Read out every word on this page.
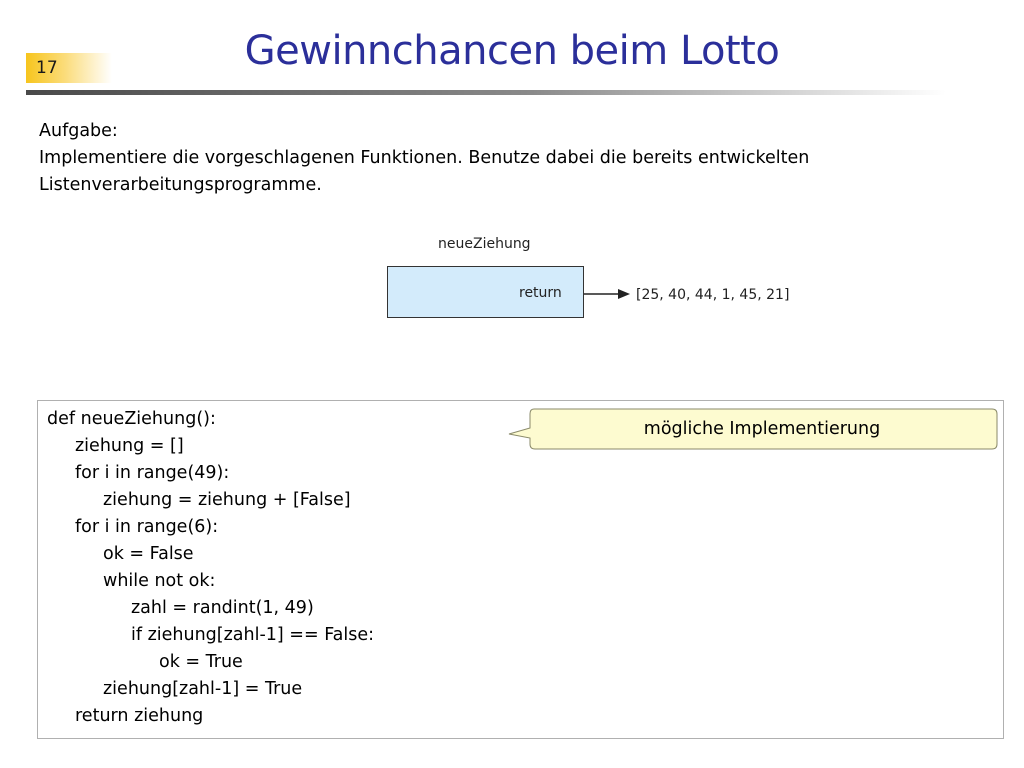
17	Gewinnchancen beim Lotto
Aufgabe:
Implementiere die vorgeschlagenen Funktionen. Benutze dabei die bereits entwickelten
Listenverarbeitungsprogramme.
neueZiehung
return	[25, 40, 44, 1, 45, 21]
def neueZiehung():
ziehung = []
for i in range(49):
ziehung = ziehung + [False]
for i in range(6):
ok = False
while not ok:
zahl = randint(1, 49)
if ziehung[zahl-1] == False:
ok = True
ziehung[zahl-1] = True
return ziehung
mögliche Implementierung
